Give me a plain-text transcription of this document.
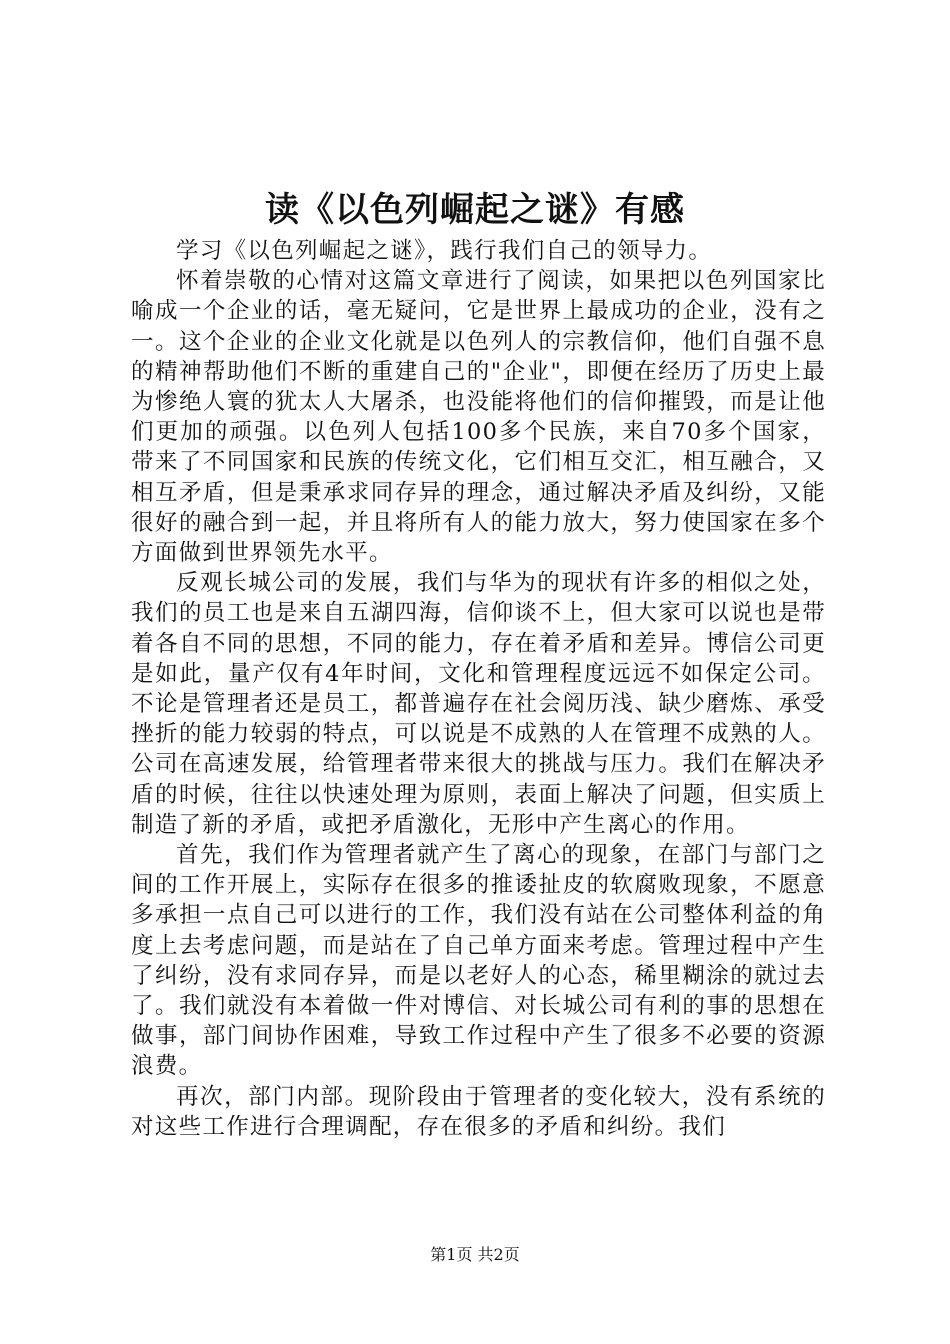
读《以色列崛起之谜》有感

学习《以色列崛起之谜》，践行我们自己的领导力。

怀着崇敬的心情对这篇文章进行了阅读，如果把以色列国家比喻成一个企业的话，毫无疑问，它是世界上最成功的企业，没有之一。这个企业的企业文化就是以色列人的宗教信仰，他们自强不息的精神帮助他们不断的重建自己的"企业"，即便在经历了历史上最为惨绝人寰的犹太人大屠杀，也没能将他们的信仰摧毁，而是让他们更加的顽强。以色列人包括100多个民族，来自70多个国家，带来了不同国家和民族的传统文化，它们相互交汇，相互融合，又相互矛盾，但是秉承求同存异的理念，通过解决矛盾及纠纷，又能很好的融合到一起，并且将所有人的能力放大，努力使国家在多个方面做到世界领先水平。

反观长城公司的发展，我们与华为的现状有许多的相似之处，我们的员工也是来自五湖四海，信仰谈不上，但大家可以说也是带着各自不同的思想，不同的能力，存在着矛盾和差异。博信公司更是如此，量产仅有4年时间，文化和管理程度远远不如保定公司。不论是管理者还是员工，都普遍存在社会阅历浅、缺少磨炼、承受挫折的能力较弱的特点，可以说是不成熟的人在管理不成熟的人。公司在高速发展，给管理者带来很大的挑战与压力。我们在解决矛盾的时候，往往以快速处理为原则，表面上解决了问题，但实质上制造了新的矛盾，或把矛盾激化，无形中产生离心的作用。

首先，我们作为管理者就产生了离心的现象，在部门与部门之间的工作开展上，实际存在很多的推诿扯皮的软腐败现象，不愿意多承担一点自己可以进行的工作，我们没有站在公司整体利益的角度上去考虑问题，而是站在了自己单方面来考虑。管理过程中产生了纠纷，没有求同存异，而是以老好人的心态，稀里糊涂的就过去了。我们就没有本着做一件对博信、对长城公司有利的事的思想在做事，部门间协作困难，导致工作过程中产生了很多不必要的资源浪费。

再次，部门内部。现阶段由于管理者的变化较大，没有系统的对这些工作进行合理调配，存在很多的矛盾和纠纷。我们

第1页 共2页
